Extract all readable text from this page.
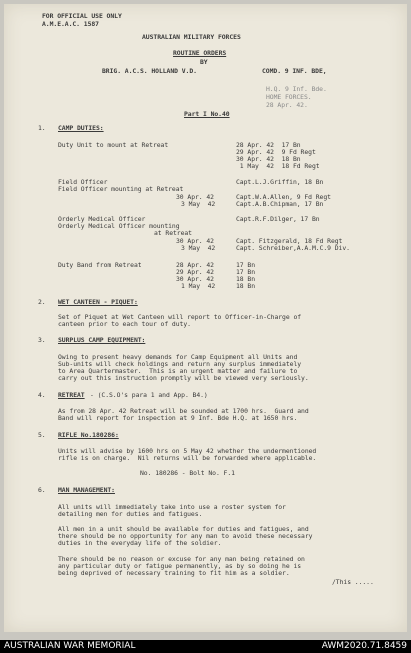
FOR OFFICIAL USE ONLY
A.M.E.A.C. 1587
AUSTRALIAN MILITARY FORCES
ROUTINE ORDERS
BY
BRIG. A.C.S. HOLLAND V.D.	COMD. 9 INF. BDE,
H.Q. 9 Inf. Bde.
HOME FORCES.
28 Apr. 42.
Part I No.40
1. CAMP DUTIES:
Duty Unit to mount at Retreat	28 Apr. 42  17 Bn
29 Apr. 42  9 Fd Regt
30 Apr. 42  18 Bn
1 May  42  18 Fd Regt
Field Officer	Capt.L.J.Griffin, 18 Bn
Field Officer mounting at Retreat
30 Apr. 42	Capt.W.A.Allen, 9 Fd Regt
3 May  42	Capt.A.B.Chipman, 17 Bn
Orderly Medical Officer	Capt.R.F.Dilger, 17 Bn
Orderly Medical Officer mounting
at Retreat
30 Apr. 42	Capt. Fitzgerald, 18 Fd Regt
3 May  42	Capt. Schreiber,A.A.M.C.9 Div.
Duty Band from Retreat	28 Apr. 42	17 Bn
29 Apr. 42	17 Bn
30 Apr. 42	18 Bn
1 May  42	18 Bn
2. WET CANTEEN - PIQUET:
Set of Piquet at Wet Canteen will report to Officer-in-Charge of
canteen prior to each tour of duty.
3. SURPLUS CAMP EQUIPMENT:
Owing to present heavy demands for Camp Equipment all Units and
Sub-units will check holdings and return any surplus immediately
to Area Quartermaster.  This is an urgent matter and failure to
carry out this instruction promptly will be viewed very seriously.
4. RETREAT - (C.S.O's para 1 and App. B4.)
As from 28 Apr. 42 Retreat will be sounded at 1700 hrs.  Guard and
Band will report for inspection at 9 Inf. Bde H.Q. at 1650 hrs.
5. RIFLE No.180286:
Units will advise by 1600 hrs on 5 May 42 whether the undermentioned
rifle is on charge.  Nil returns will be forwarded where applicable.
No. 180286 - Bolt No. F.1
6. MAN MANAGEMENT:
All units will immediately take into use a roster system for
detailing men for duties and fatigues.
All men in a unit should be available for duties and fatigues, and
there should be no opportunity for any man to avoid these necessary
duties in the everyday life of the soldier.
There should be no reason or excuse for any man being retained on
any particular duty or fatigue permanently, as by so doing he is
being deprived of necessary training to fit him as a soldier.
/This .....
AUSTRALIAN WAR MEMORIAL	AWM2020.71.8459
